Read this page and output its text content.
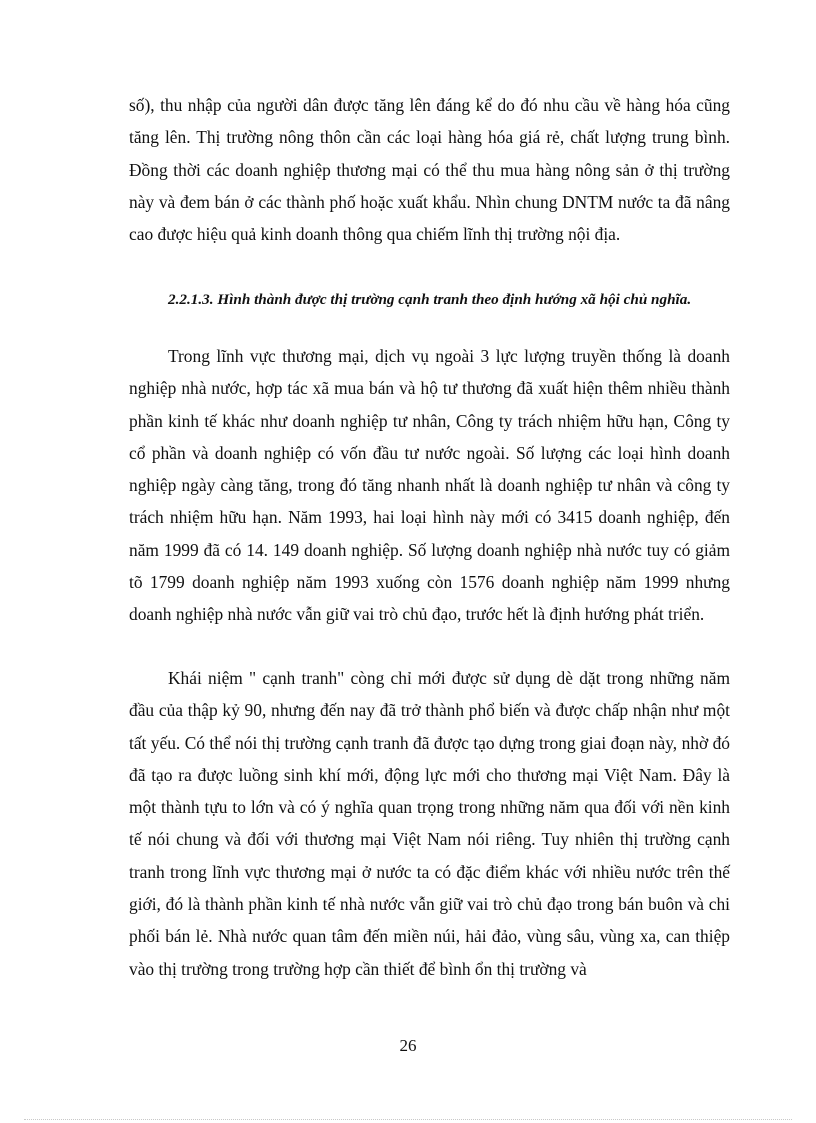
số), thu nhập của người dân được tăng lên đáng kể do đó nhu cầu về hàng hóa cũng tăng lên. Thị trường nông thôn cần các loại hàng hóa giá rẻ, chất lượng trung bình. Đồng thời các doanh nghiệp thương mại có thể thu mua hàng nông sản ở thị trường này và đem bán ở các thành phố hoặc xuất khẩu. Nhìn chung DNTM nước ta đã nâng cao được hiệu quả kinh doanh thông qua chiếm lĩnh thị trường nội địa.

2.2.1.3. Hình thành được thị trường cạnh tranh theo định hướng xã hội chủ nghĩa.

Trong lĩnh vực thương mại, dịch vụ ngoài 3 lực lượng truyền thống là doanh nghiệp nhà nước, hợp tác xã mua bán và hộ tư thương đã xuất hiện thêm nhiều thành phần kinh tế khác như doanh nghiệp tư nhân, Công ty trách nhiệm hữu hạn, Công ty cổ phần và doanh nghiệp có vốn đầu tư nước ngoài. Số lượng các loại hình doanh nghiệp ngày càng tăng, trong đó tăng nhanh nhất là doanh nghiệp tư nhân và công ty trách nhiệm hữu hạn. Năm 1993, hai loại hình này mới có 3415 doanh nghiệp, đến năm 1999 đã có 14. 149 doanh nghiệp. Số lượng doanh nghiệp nhà nước tuy có giảm tõ 1799 doanh nghiệp năm 1993 xuống còn 1576 doanh nghiệp năm 1999 nhưng doanh nghiệp nhà nước vẫn giữ vai trò chủ đạo, trước hết là định hướng phát triển.

Khái niệm " cạnh tranh" còng chỉ mới được sử dụng dè dặt trong những năm đầu của thập kỷ 90, nhưng đến nay đã trở thành phổ biến và được chấp nhận như một tất yếu. Có thể nói thị trường cạnh tranh đã được tạo dựng trong giai đoạn này, nhờ đó đã tạo ra được luồng sinh khí mới, động lực mới cho thương mại Việt Nam. Đây là một thành tựu to lớn và có ý nghĩa quan trọng trong những năm qua đối với nền kinh tế nói chung và đối với thương mại Việt Nam nói riêng. Tuy nhiên thị trường cạnh tranh trong lĩnh vực thương mại ở nước ta có đặc điểm khác với nhiều nước trên thế giới, đó là thành phần kinh tế nhà nước vẫn giữ vai trò chủ đạo trong bán buôn và chi phối bán lẻ. Nhà nước quan tâm đến miền núi, hải đảo, vùng sâu, vùng xa, can thiệp vào thị trường trong trường hợp cần thiết để bình ổn thị trường và

26
